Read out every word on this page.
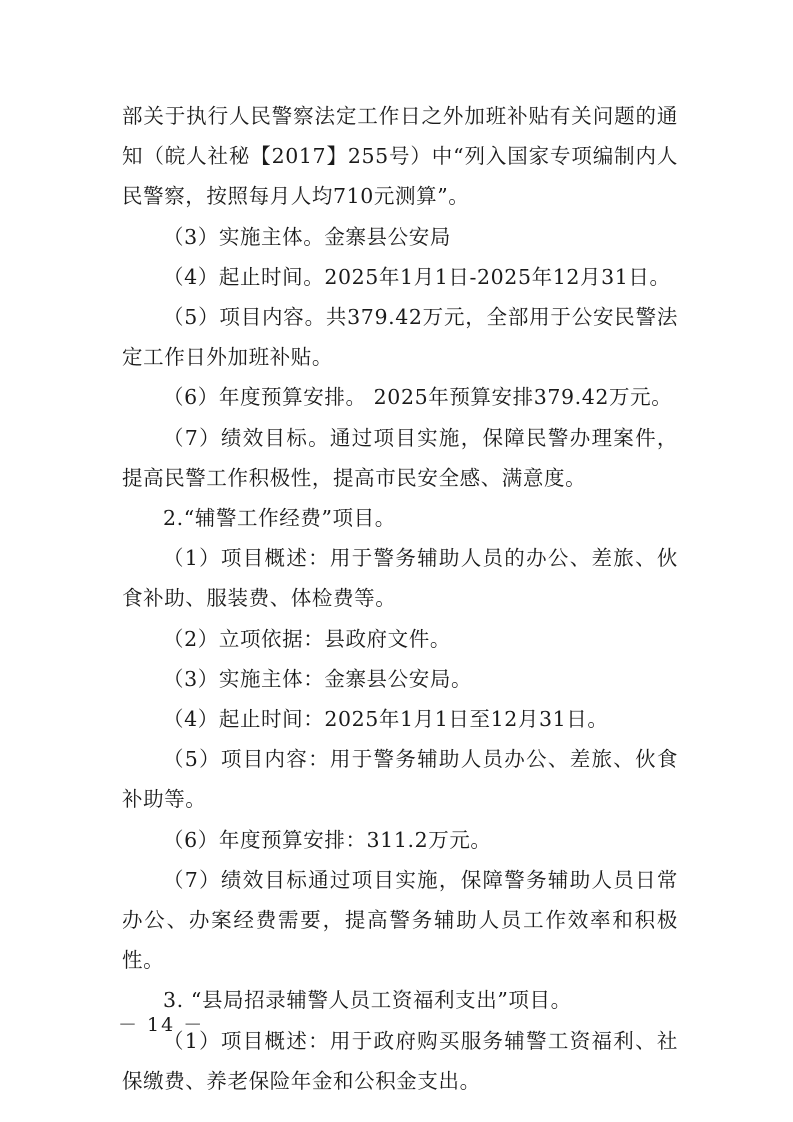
部关于执行人民警察法定工作日之外加班补贴有关问题的通知（皖人社秘【2017】255号）中“列入国家专项编制内人民警察，按照每月人均710元测算”。

（3）实施主体。金寨县公安局

（4）起止时间。2025年1月1日-2025年12月31日。

（5）项目内容。共379.42万元，全部用于公安民警法定工作日外加班补贴。

（6）年度预算安排。 2025年预算安排379.42万元。

（7）绩效目标。通过项目实施，保障民警办理案件，提高民警工作积极性，提高市民安全感、满意度。

2.“辅警工作经费”项目。

（1）项目概述：用于警务辅助人员的办公、差旅、伙食补助、服装费、体检费等。

（2）立项依据：县政府文件。

（3）实施主体：金寨县公安局。

（4）起止时间：2025年1月1日至12月31日。

（5）项目内容：用于警务辅助人员办公、差旅、伙食补助等。

（6）年度预算安排：311.2万元。

（7）绩效目标通过项目实施，保障警务辅助人员日常办公、办案经费需要，提高警务辅助人员工作效率和积极性。

3. “县局招录辅警人员工资福利支出”项目。

（1）项目概述：用于政府购买服务辅警工资福利、社保缴费、养老保险年金和公积金支出。

－ 14 －
